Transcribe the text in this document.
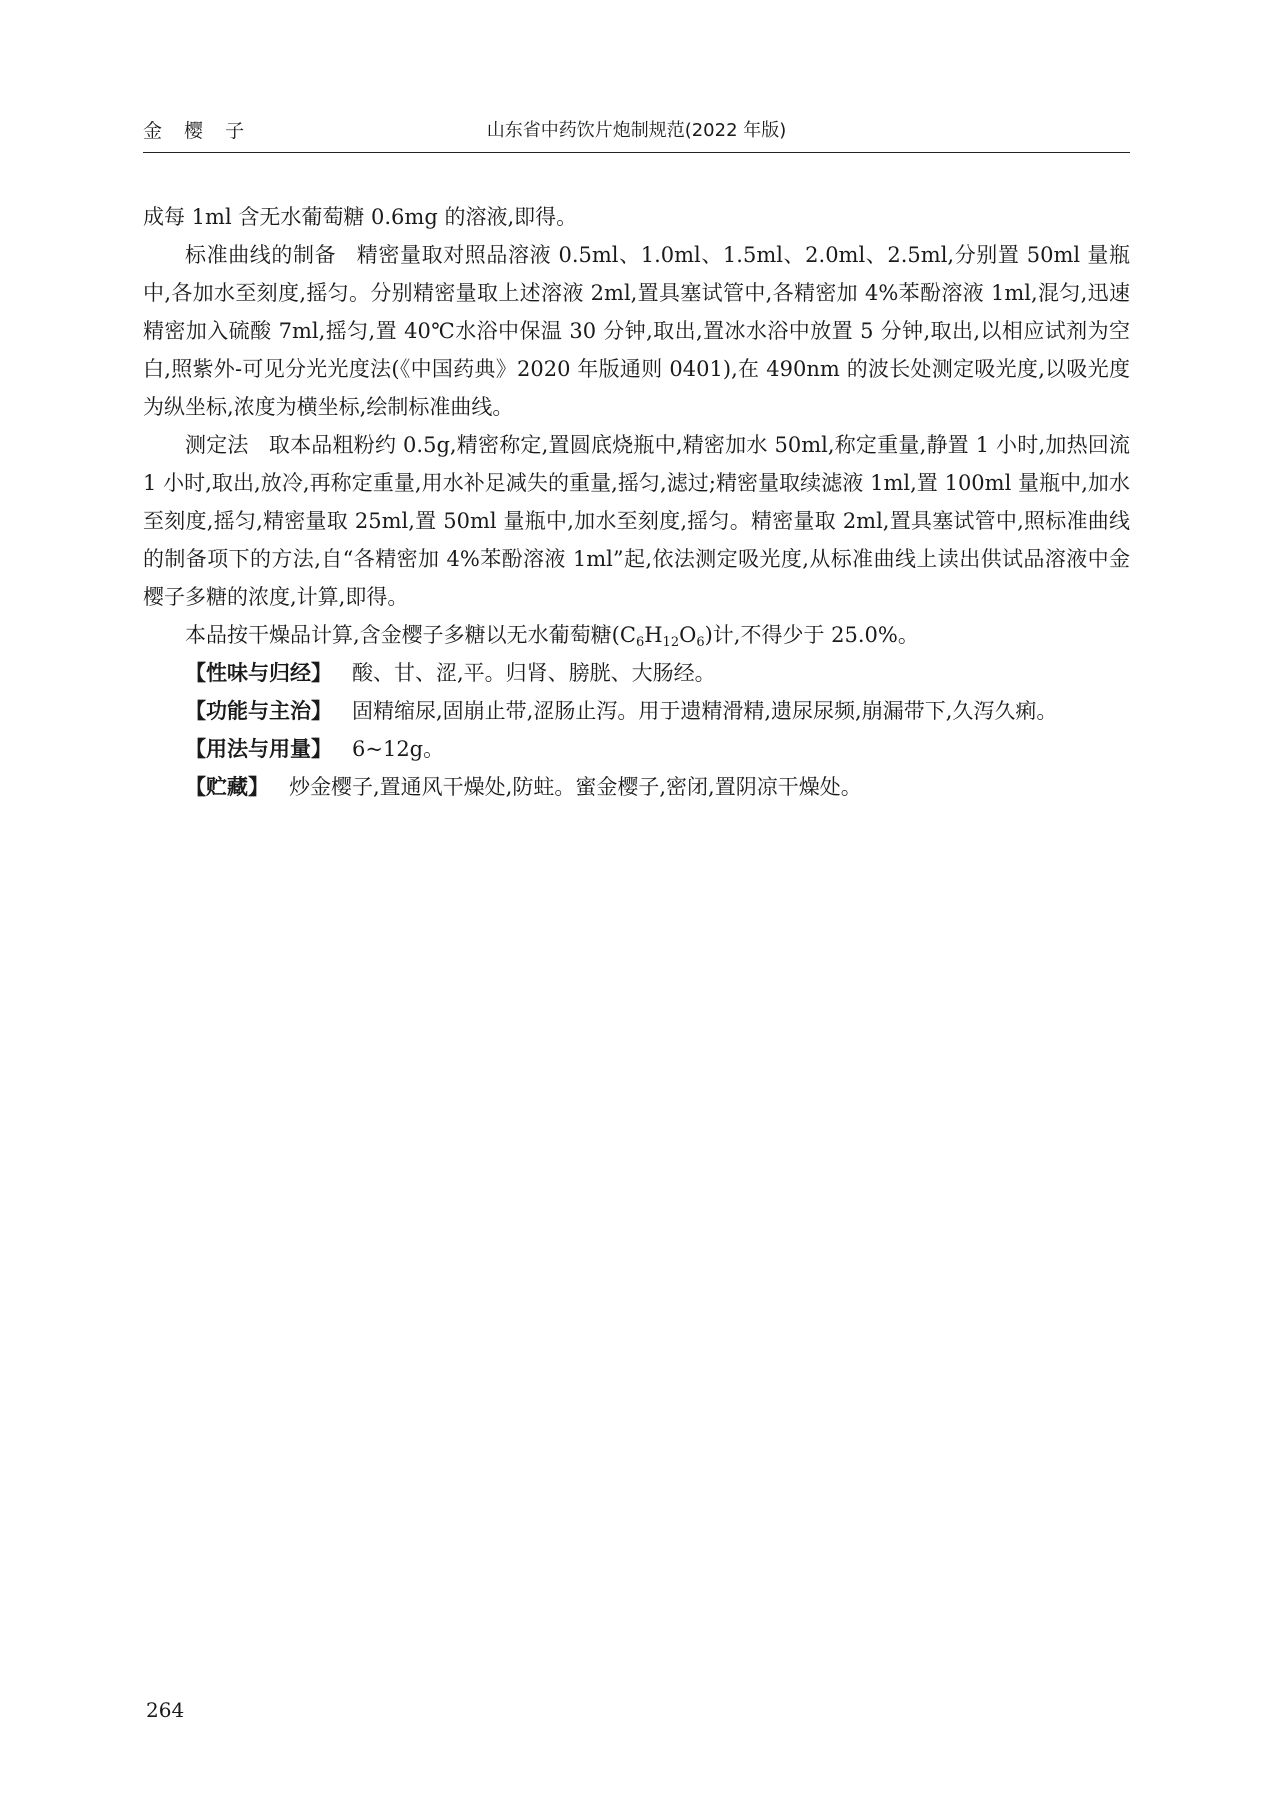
金 樱 子	山东省中药饮片炮制规范(2022 年版)

成每 1ml 含无水葡萄糖 0.6mg 的溶液,即得。

标准曲线的制备 精密量取对照品溶液 0.5ml、1.0ml、1.5ml、2.0ml、2.5ml,分别置 50ml 量瓶中,各加水至刻度,摇匀。分别精密量取上述溶液 2ml,置具塞试管中,各精密加 4%苯酚溶液 1ml,混匀,迅速精密加入硫酸 7ml,摇匀,置 40℃水浴中保温 30 分钟,取出,置冰水浴中放置 5 分钟,取出,以相应试剂为空白,照紫外-可见分光光度法(《中国药典》2020 年版通则 0401),在 490nm 的波长处测定吸光度,以吸光度为纵坐标,浓度为横坐标,绘制标准曲线。

测定法 取本品粗粉约 0.5g,精密称定,置圆底烧瓶中,精密加水 50ml,称定重量,静置 1 小时,加热回流 1 小时,取出,放冷,再称定重量,用水补足减失的重量,摇匀,滤过;精密量取续滤液 1ml,置 100ml 量瓶中,加水至刻度,摇匀,精密量取 25ml,置 50ml 量瓶中,加水至刻度,摇匀。精密量取 2ml,置具塞试管中,照标准曲线的制备项下的方法,自“各精密加 4%苯酚溶液 1ml”起,依法测定吸光度,从标准曲线上读出供试品溶液中金樱子多糖的浓度,计算,即得。

本品按干燥品计算,含金樱子多糖以无水葡萄糖$(C_6H_{12}O_6)$计,不得少于 25.0%。

【性味与归经】 酸、甘、涩,平。归肾、膀胱、大肠经。

【功能与主治】 固精缩尿,固崩止带,涩肠止泻。用于遗精滑精,遗尿尿频,崩漏带下,久泻久痢。

【用法与用量】 6~12g。

【贮藏】 炒金樱子,置通风干燥处,防蛀。蜜金樱子,密闭,置阴凉干燥处。

264
